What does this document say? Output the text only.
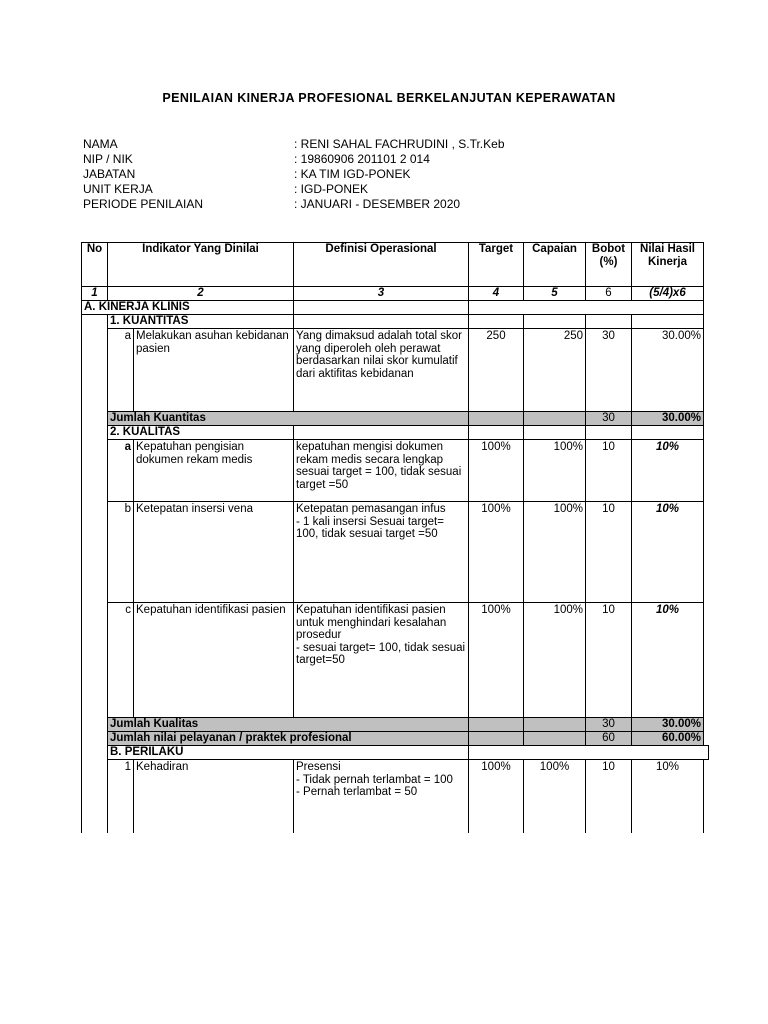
PENILAIAN KINERJA PROFESIONAL BERKELANJUTAN KEPERAWATAN
NAMA	: RENI SAHAL FACHRUDINI , S.Tr.Keb
NIP / NIK	: 19860906 201101 2 014
JABATAN	: KA TIM IGD-PONEK
UNIT KERJA	: IGD-PONEK
PERIODE PENILAIAN	: JANUARI - DESEMBER 2020
No	Indikator Yang Dinilai		Definisi Operasional	Target	Capaian	Bobot (%)	Nilai Hasil Kinerja	
1	2		3	4	5	6	(5/4)x6	
A. KINERJA KLINIS								
	1. KUANTITAS							
	a	Melakukan asuhan kebidanan pasien	Yang dimaksud adalah total skor yang diperoleh oleh perawat berdasarkan nilai skor kumulatif dari aktifitas kebidanan	250	250	30	30.00%	
	Jumlah Kuantitas					30	30.00%	
	2. KUALITAS							
	a	Kepatuhan pengisian dokumen rekam medis	kepatuhan mengisi dokumen rekam medis secara lengkap sesuai target = 100, tidak sesuai target =50	100%	100%	10	10%	
	b	Ketepatan insersi vena	Ketepatan pemasangan infus
- 1 kali insersi Sesuai target= 100, tidak sesuai target =50	100%	100%	10	10%	
	c	Kepatuhan identifikasi pasien	Kepatuhan identifikasi pasien untuk menghindari kesalahan prosedur
- sesuai target= 100, tidak sesuai target=50	100%	100%	10	10%	
	Jumlah Kualitas					30	30.00%	
	Jumlah nilai pelayanan / praktek profesional					60	60.00%	
	B. PERILAKU							
	1	Kehadiran	Presensi
- Tidak pernah terlambat = 100
- Pernah terlambat = 50	100%	100%	10	10%	
